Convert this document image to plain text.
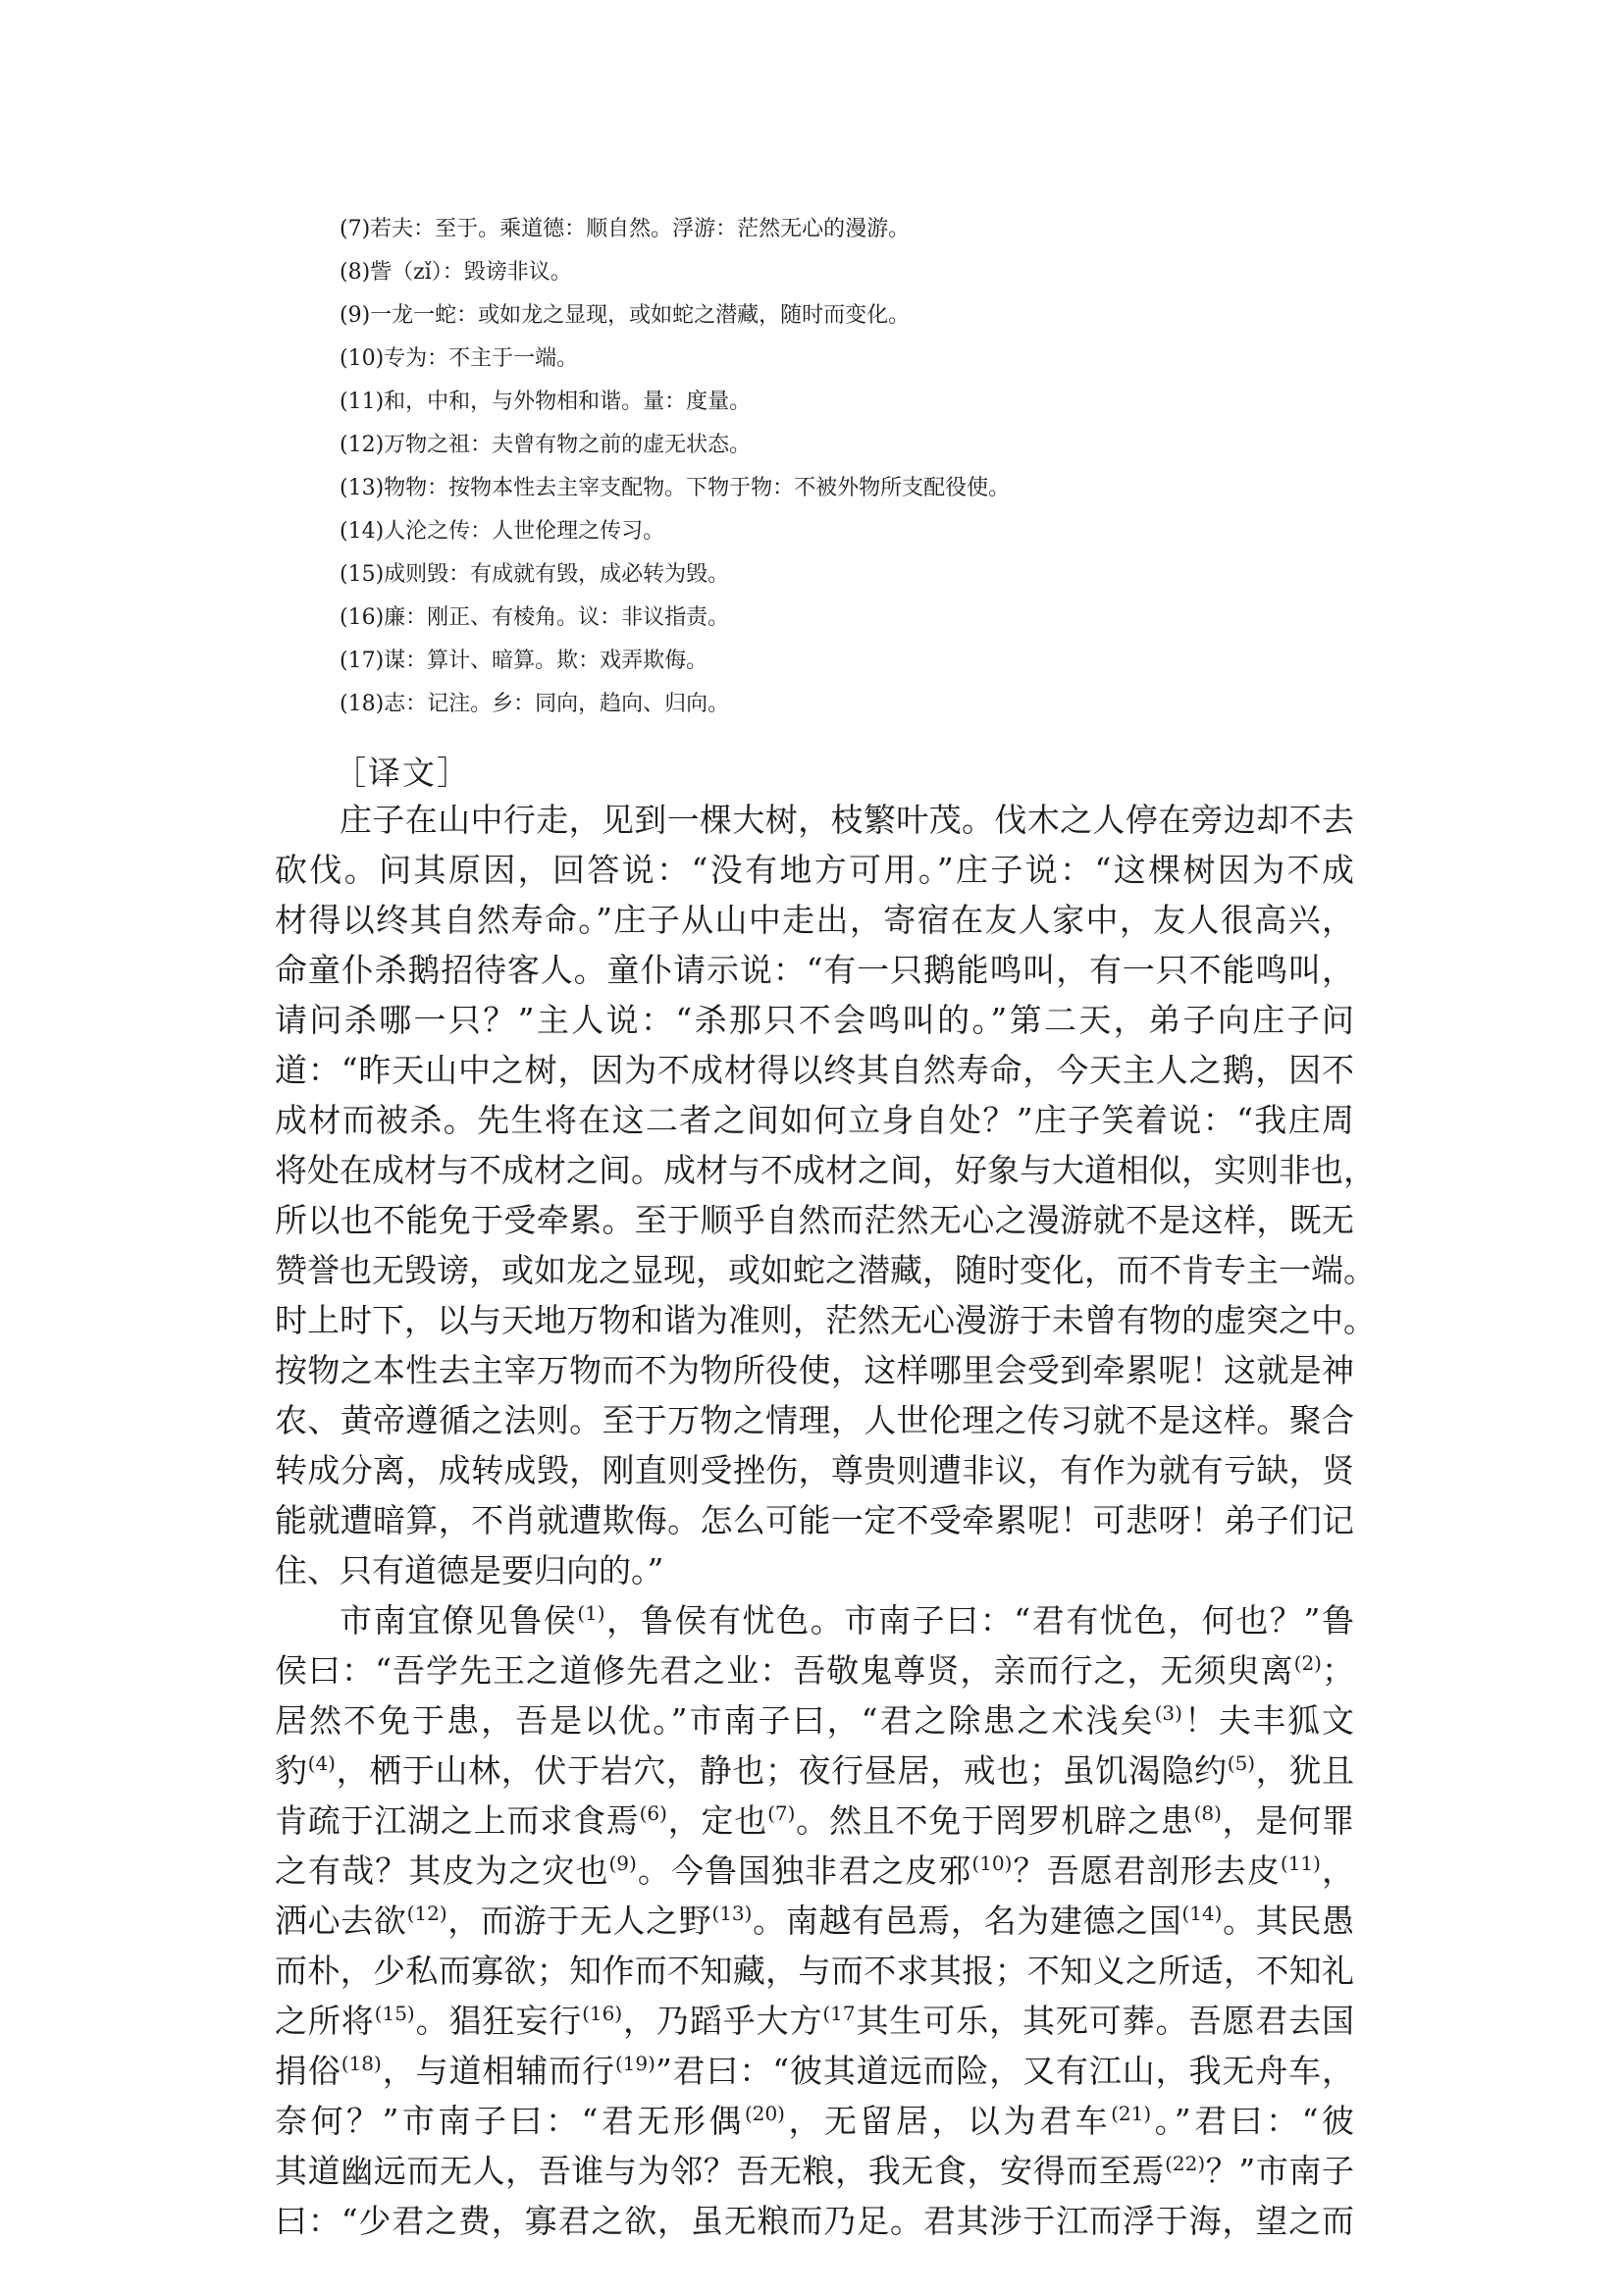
(7)若夫：至于。乘道德：顺自然。浮游：茫然无心的漫游。
(8)訾（zǐ）：毁谤非议。
(9)一龙一蛇：或如龙之显现，或如蛇之潜藏，随时而变化。
(10)专为：不主于一端。
(11)和，中和，与外物相和谐。量：度量。
(12)万物之祖：夫曾有物之前的虚无状态。
(13)物物：按物本性去主宰支配物。下物于物：不被外物所支配役使。
(14)人沦之传：人世伦理之传习。
(15)成则毁：有成就有毁，成必转为毁。
(16)廉：刚正、有棱角。议：非议指责。
(17)谋：算计、暗算。欺：戏弄欺侮。
(18)志：记注。乡：同向，趋向、归向。
［译文］
庄子在山中行走，见到一棵大树，枝繁叶茂。伐木之人停在旁边却不去
砍伐。问其原因，回答说：“没有地方可用。”庄子说：“这棵树因为不成
材得以终其自然寿命。”庄子从山中走出，寄宿在友人家中，友人很高兴，
命童仆杀鹅招待客人。童仆请示说：“有一只鹅能鸣叫，有一只不能鸣叫，
请问杀哪一只？”主人说：“杀那只不会鸣叫的。”第二天，弟子向庄子问
道：“昨天山中之树，因为不成材得以终其自然寿命，今天主人之鹅，因不
成材而被杀。先生将在这二者之间如何立身自处？”庄子笑着说：“我庄周
将处在成材与不成材之间。成材与不成材之间，好象与大道相似，实则非也，
所以也不能免于受牵累。至于顺乎自然而茫然无心之漫游就不是这样，既无
赞誉也无毁谤，或如龙之显现，或如蛇之潜藏，随时变化，而不肯专主一端。
时上时下，以与天地万物和谐为准则，茫然无心漫游于未曾有物的虚突之中。
按物之本性去主宰万物而不为物所役使，这样哪里会受到牵累呢！这就是神
农、黄帝遵循之法则。至于万物之情理，人世伦理之传习就不是这样。聚合
转成分离，成转成毁，刚直则受挫伤，尊贵则遭非议，有作为就有亏缺，贤
能就遭暗算，不肖就遭欺侮。怎么可能一定不受牵累呢！可悲呀！弟子们记
住、只有道德是要归向的。”
市南宜僚见鲁侯$^{(1)}$，鲁侯有忧色。市南子曰：“君有忧色，何也？”鲁
侯曰：“吾学先王之道修先君之业：吾敬鬼尊贤，亲而行之，无须臾离$^{(2)}$；
居然不免于患，吾是以优。”市南子曰，“君之除患之术浅矣$^{(3)}$！夫丰狐文
豹$^{(4)}$，栖于山林，伏于岩穴，静也；夜行昼居，戒也；虽饥渴隐约$^{(5)}$，犹且
肯疏于江湖之上而求食焉$^{(6)}$，定也$^{(7)}$。然且不免于罔罗机辟之患$^{(8)}$，是何罪
之有哉？其皮为之灾也$^{(9)}$。今鲁国独非君之皮邪$^{(10)}$？吾愿君剖形去皮$^{(11)}$，
洒心去欲$^{(12)}$，而游于无人之野$^{(13)}$。南越有邑焉，名为建德之国$^{(14)}$。其民愚
而朴，少私而寡欲；知作而不知藏，与而不求其报；不知义之所适，不知礼
之所将$^{(15)}$。猖狂妄行$^{(16)}$，乃蹈乎大方$^{(17}$其生可乐，其死可葬。吾愿君去国
捐俗$^{(18)}$，与道相辅而行$^{(19)}$”君曰：“彼其道远而险，又有江山，我无舟车，
奈何？”市南子曰：“君无形偶$^{(20)}$，无留居，以为君车$^{(21)}$。”君曰：“彼
其道幽远而无人，吾谁与为邻？吾无粮，我无食，安得而至焉$^{(22)}$？”市南子
曰：“少君之费，寡君之欲，虽无粮而乃足。君其涉于江而浮于海，望之而
